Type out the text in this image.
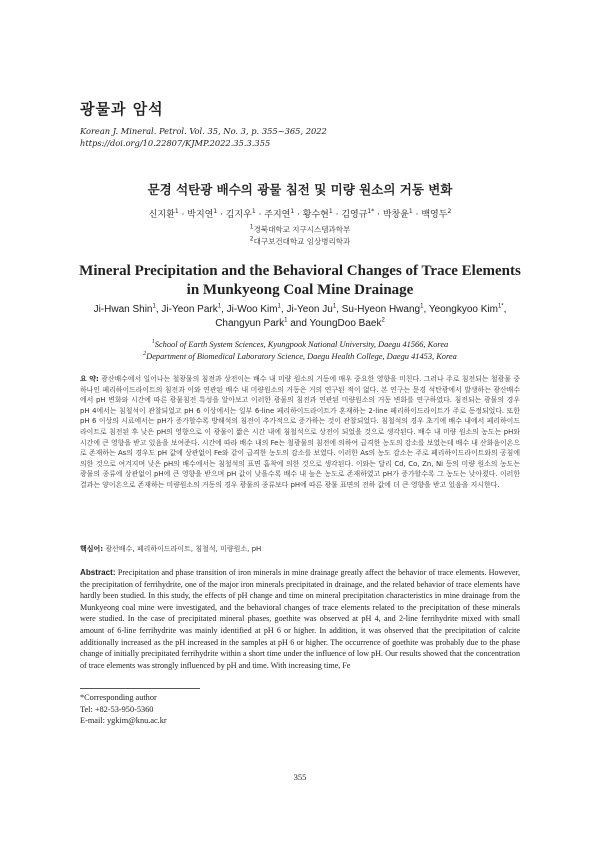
광물과 암석
Korean J. Mineral. Petrol. Vol. 35, No. 3, p. 355~365, 2022
https://doi.org/10.22807/KJMP.2022.35.3.355
문경 석탄광 배수의 광물 침전 및 미량 원소의 거동 변화
신지환$^1$ · 박지연$^1$ · 김지우$^1$ · 주지연$^1$ · 황수현$^1$ · 김영규$^{1*}$ · 박창윤$^1$ · 백영두$^2$
$^1$경북대학교 지구시스템과학부
$^2$대구보건대학교 임상병리학과
Mineral Precipitation and the Behavioral Changes of Trace Elements
in Munkyeong Coal Mine Drainage
Ji-Hwan Shin$^1$, Ji-Yeon Park$^1$, Ji-Woo Kim$^1$, Ji-Yeon Ju$^1$, Su-Hyeon Hwang$^1$, Yeongkyoo Kim$^{1*}$,
Changyun Park$^1$ and YoungDoo Baek$^2$
$^1$School of Earth System Sciences, Kyungpook National University, Daegu 41566, Korea
$^2$Department of Biomedical Laboratory Science, Daegu Health College, Daegu 41453, Korea
요 약: 광산배수에서 일어나는 철광물의 침전과 상전이는 배수 내 미량 원소의 거동에 매우 중요한 영향을 미친다. 그러나 주로 침전되는 철광물 중 하나인 페리하이드라이트의 침전과 이와 연관된 배수 내 미량원소의 거동은 거의 연구된 적이 없다. 본 연구는 문경 석탄광에서 발생하는 광산배수에서 pH 변화와 시간에 따른 광물침전 특성을 알아보고 이러한 광물의 침전과 연관된 미량원소의 거동 변화를 연구하였다. 침전되는 광물의 경우 pH 4에서는 침철석이 관찰되었고 pH 6 이상에서는 일부 6-line 페리하이드라이트가 혼재하는 2-line 페리하이드라이트가 주로 동정되었다. 또한 pH 6 이상의 시료에서는 pH가 증가할수록 방해석의 침전이 추가적으로 증가하는 것이 관찰되었다. 침철석의 경우 초기에 배수 내에서 페리하이드라이트로 침전된 후 낮은 pH의 영향으로 이 광물이 짧은 시간 내에 침철석으로 상전이 되었을 것으로 생각된다. 배수 내 미량 원소의 농도는 pH와 시간에 큰 영향을 받고 있음을 보여준다. 시간에 따라 배수 내의 Fe는 철광물의 침전에 의하여 급격한 농도의 감소를 보였는데 배수 내 산화음이온으로 존재하는 As의 경우도 pH 값에 상관없이 Fe와 같이 급격한 농도의 감소를 보였다. 이러한 As의 농도 감소는 주로 페리하이드라이트와의 공침에 의한 것으로 여겨지며 낮은 pH의 배수에서는 침철석의 표면 흡착에 의한 것으로 생각된다. 이와는 달리 Cd, Co, Zn, Ni 등의 미량 원소의 농도는 광물의 종류에 상관없이 pH에 큰 영향을 받으며 pH 값이 낮을수록 배수 내 높은 농도로 존재하였고 pH가 증가할수록 그 농도는 낮아졌다. 이러한 결과는 양이온으로 존재하는 미량원소의 거동의 경우 광물의 종류보다 pH에 따른 광물 표면의 전하 값에 더 큰 영향을 받고 있음을 지시한다.
핵심어: 광산배수, 페리하이드라이트, 침철석, 미량원소, pH
Abstract: Precipitation and phase transition of iron minerals in mine drainage greatly affect the behavior of trace elements. However, the precipitation of ferrihydrite, one of the major iron minerals precipitated in drainage, and the related behavior of trace elements have hardly been studied. In this study, the effects of pH change and time on mineral precipitation characteristics in mine drainage from the Munkyeong coal mine were investigated, and the behavioral changes of trace elements related to the precipitation of these minerals were studied. In the case of precipitated mineral phases, goethite was observed at pH 4, and 2-line ferrihydrite mixed with small amount of 6-line ferrihydrite was mainly identified at pH 6 or higher. In addition, it was observed that the precipitation of calcite additionally increased as the pH increased in the samples at pH 6 or higher. The occurrence of goethite was probably due to the phase change of initially precipitated ferrihydrite within a short time under the influence of low pH. Our results showed that the concentration of trace elements was strongly influenced by pH and time. With increasing time, Fe
*Corresponding author
Tel: +82-53-950-5360
E-mail: ygkim@knu.ac.kr
355
